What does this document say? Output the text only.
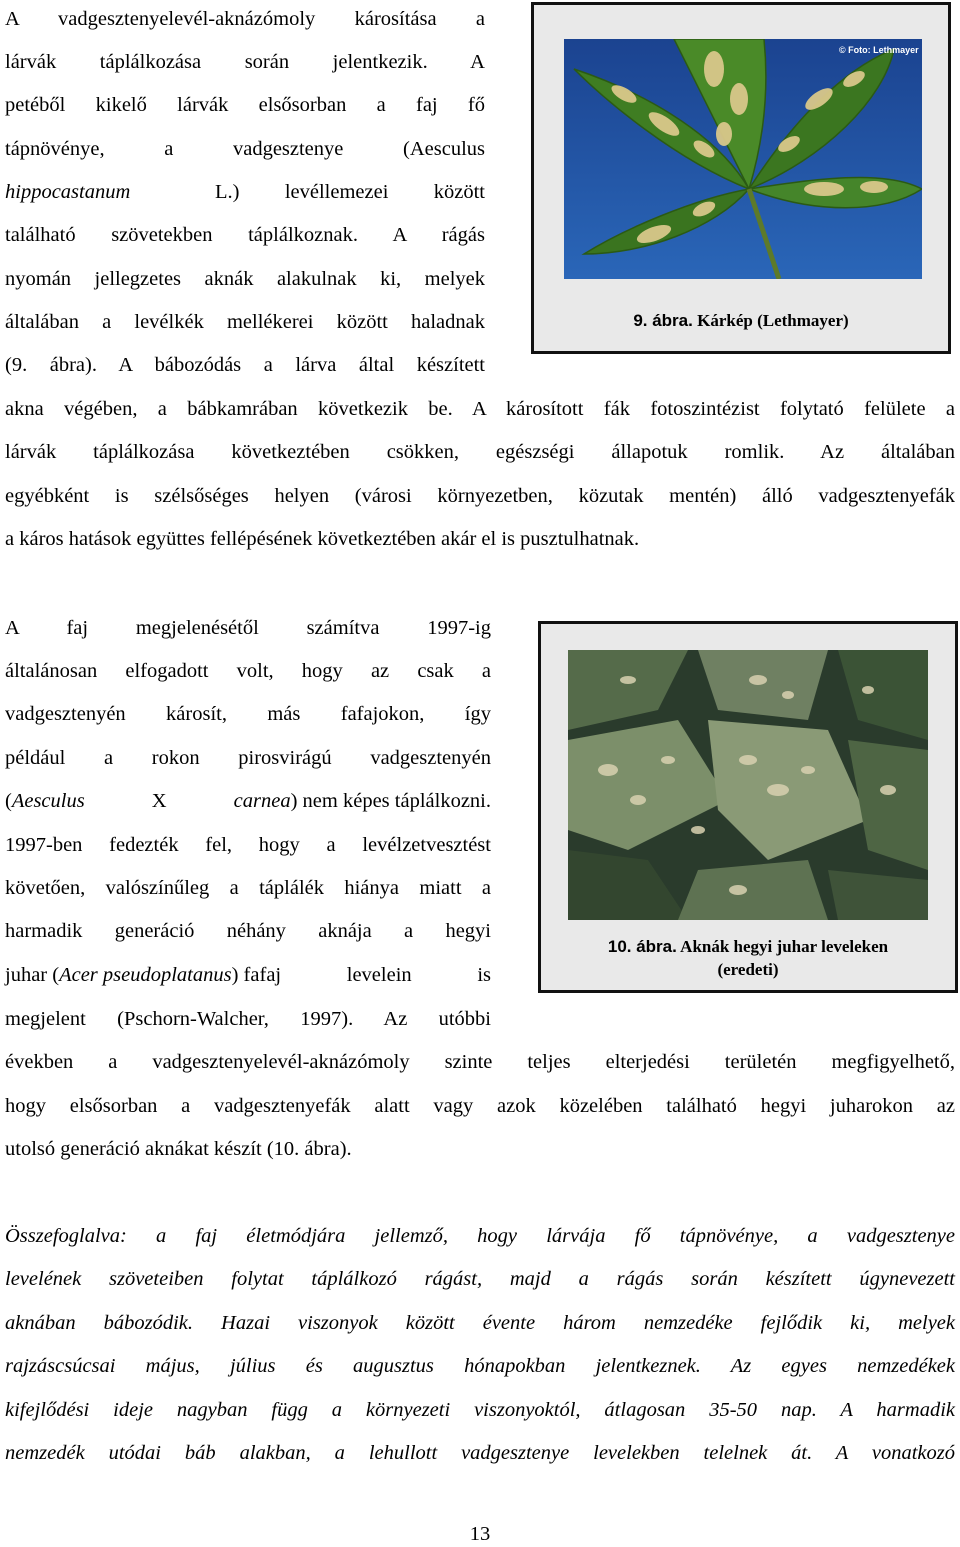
A vadgesztenyelevél-aknázómoly károsítása a
lárvák táplálkozása során jelentkezik. A
petéből kikelő lárvák elsősorban a faj fő
tápnövénye, a vadgesztenye (Aesculus
hippocastanum	L.) levéllemezei között
található szövetekben táplálkoznak. A rágás
nyomán jellegzetes aknák alakulnak ki, melyek
általában a levélkék mellékerei között haladnak
(9. ábra). A bábozódás a lárva által készített
akna végében, a bábkamrában következik be. A károsított fák fotoszintézist folytató felülete a
lárvák táplálkozása következtében csökken, egészségi állapotuk romlik. Az általában
egyébként is szélsőséges helyen (városi környezetben, közutak mentén) álló vadgesztenyefák
a káros hatások együttes fellépésének következtében akár el is pusztulhatnak.
© Foto: Lethmayer
9. ábra. Kárkép (Lethmayer)
A faj megjelenésétől számítva 1997-ig
általánosan elfogadott volt, hogy az csak a
vadgesztenyén károsít, más fafajokon, így
például a rokon pirosvirágú vadgesztenyén
(Aesculus	X	carnea) nem képes táplálkozni.
1997-ben fedezték fel, hogy a levélzetvesztést
követően, valószínűleg a táplálék hiánya miatt a
harmadik generáció néhány aknája a hegyi
juhar (Acer pseudoplatanus) fafaj	levelein	is
megjelent (Pschorn-Walcher, 1997). Az utóbbi
években a vadgesztenyelevél-aknázómoly szinte teljes elterjedési területén megfigyelhető,
hogy elsősorban a vadgesztenyefák alatt vagy azok közelében található hegyi juharokon az
utolsó generáció aknákat készít (10. ábra).
10. ábra. Aknák hegyi juhar leveleken
(eredeti)
Összefoglalva: a faj életmódjára jellemző, hogy lárvája fő tápnövénye, a vadgesztenye
levelének szöveteiben folytat táplálkozó rágást, majd a rágás során készített úgynevezett
aknában bábozódik. Hazai viszonyok között évente három nemzedéke fejlődik ki, melyek
rajzáscsúcsai május, július és augusztus hónapokban jelentkeznek. Az egyes nemzedékek
kifejlődési ideje nagyban függ a környezeti viszonyoktól, átlagosan 35-50 nap. A harmadik
nemzedék utódai báb alakban, a lehullott vadgesztenye levelekben telelnek át. A vonatkozó
13
